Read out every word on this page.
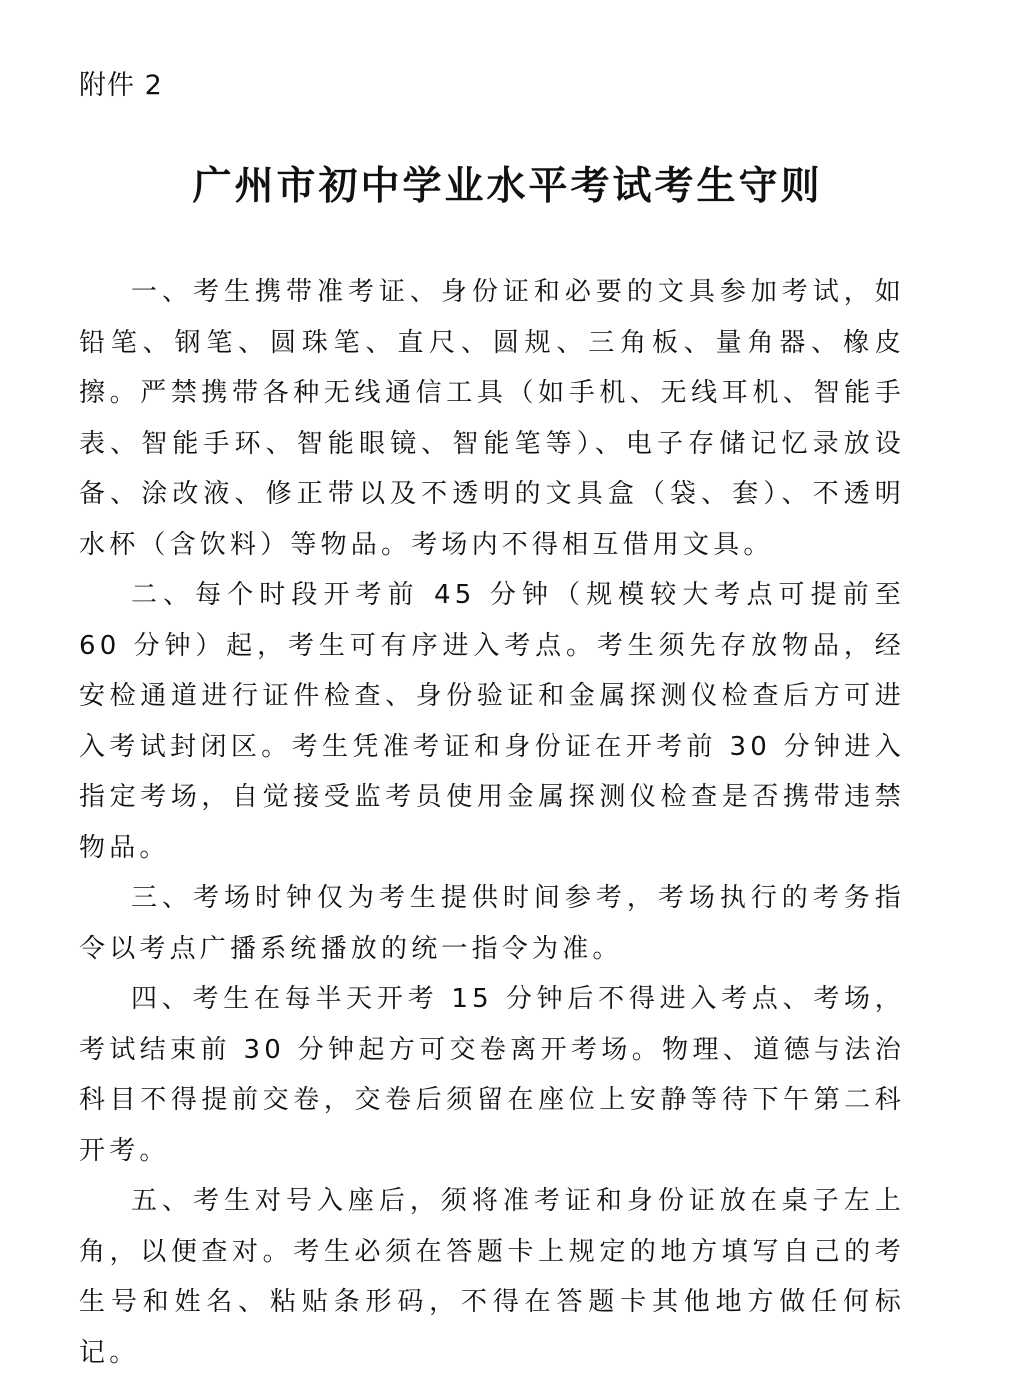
附件 2
广州市初中学业水平考试考生守则

一、考生携带准考证、身份证和必要的文具参加考试，如铅笔、钢笔、圆珠笔、直尺、圆规、三角板、量角器、橡皮擦。严禁携带各种无线通信工具（如手机、无线耳机、智能手表、智能手环、智能眼镜、智能笔等）、电子存储记忆录放设备、涂改液、修正带以及不透明的文具盒（袋、套）、不透明水杯（含饮料）等物品。考场内不得相互借用文具。

二、每个时段开考前 45 分钟（规模较大考点可提前至 60 分钟）起，考生可有序进入考点。考生须先存放物品，经安检通道进行证件检查、身份验证和金属探测仪检查后方可进入考试封闭区。考生凭准考证和身份证在开考前 30 分钟进入指定考场，自觉接受监考员使用金属探测仪检查是否携带违禁物品。

三、考场时钟仅为考生提供时间参考，考场执行的考务指令以考点广播系统播放的统一指令为准。

四、考生在每半天开考 15 分钟后不得进入考点、考场，考试结束前 30 分钟起方可交卷离开考场。物理、道德与法治科目不得提前交卷，交卷后须留在座位上安静等待下午第二科开考。

五、考生对号入座后，须将准考证和身份证放在桌子左上角，以便查对。考生必须在答题卡上规定的地方填写自己的考生号和姓名、粘贴条形码，不得在答题卡其他地方做任何标记。
